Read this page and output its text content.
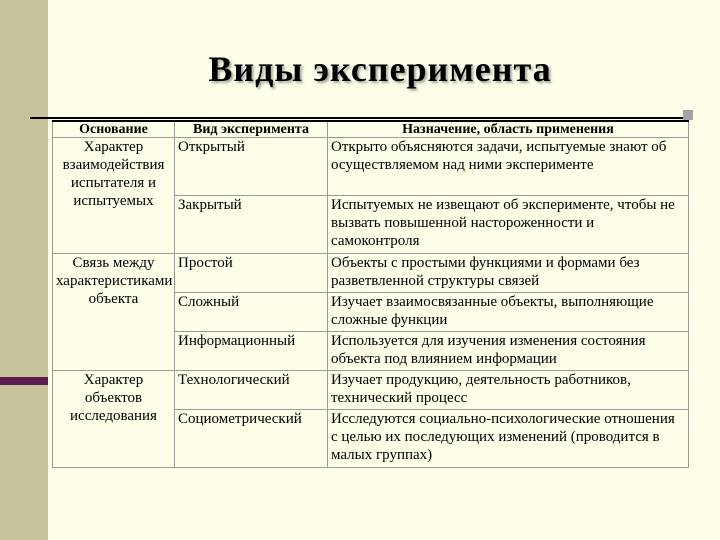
Виды эксперимента
Основание	Вид эксперимента	Назначение, область применения
Характер взаимодействия испытателя и испытуемых	Открытый	Открыто объясняются задачи, испытуемые знают об осуществляемом над ними эксперименте
	Закрытый	Испытуемых не извещают об эксперименте, чтобы не вызвать повышенной настороженности и самоконтроля
Связь между характеристиками объекта	Простой	Объекты с простыми функциями и формами без разветвленной структуры связей
	Сложный	Изучает взаимосвязанные объекты, выполняющие сложные функции
	Информационный	Используется для изучения изменения состояния объекта под влиянием информации
Характер объектов исследования	Технологический	Изучает продукцию, деятельность работников, технический процесс
	Социометрический	Исследуются социально-психологические отношения с целью их последующих изменений (проводится в малых группах)
